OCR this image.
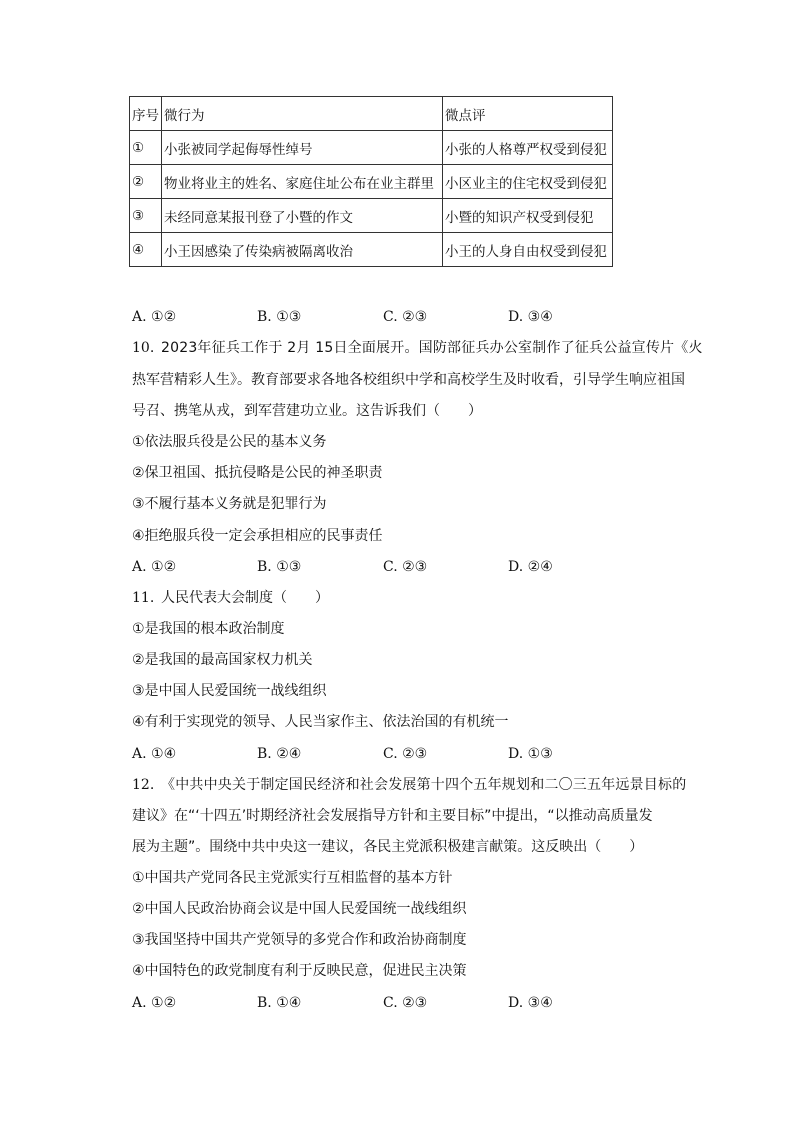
序号	微行为	微点评
①	小张被同学起侮辱性绰号	小张的人格尊严权受到侵犯
②	物业将业主的姓名、家庭住址公布在业主群里	小区业主的住宅权受到侵犯
③	未经同意某报刊登了小暨的作文	小暨的知识产权受到侵犯
④	小王因感染了传染病被隔离收治	小王的人身自由权受到侵犯
A. ①②	B. ①③	C. ②③	D. ③④
10. 2023年征兵工作于 2月 15日全面展开。国防部征兵办公室制作了征兵公益宣传片《火
热军营精彩人生》。教育部要求各地各校组织中学和高校学生及时收看，引导学生响应祖国
号召、携笔从戎，到军营建功立业。这告诉我们（　　）
①依法服兵役是公民的基本义务
②保卫祖国、抵抗侵略是公民的神圣职责
③不履行基本义务就是犯罪行为
④拒绝服兵役一定会承担相应的民事责任
A. ①②	B. ①③	C. ②③	D. ②④
11. 人民代表大会制度（　　）
①是我国的根本政治制度
②是我国的最高国家权力机关
③是中国人民爱国统一战线组织
④有利于实现党的领导、人民当家作主、依法治国的有机统一
A. ①④	B. ②④	C. ②③	D. ①③
12. 《中共中央关于制定国民经济和社会发展第十四个五年规划和二〇三五年远景目标的
建议》在“‘十四五’时期经济社会发展指导方针和主要目标”中提出，“以推动高质量发
展为主题”。围绕中共中央这一建议，各民主党派积极建言献策。这反映出（　　）
①中国共产党同各民主党派实行互相监督的基本方针
②中国人民政治协商会议是中国人民爱国统一战线组织
③我国坚持中国共产党领导的多党合作和政治协商制度
④中国特色的政党制度有利于反映民意，促进民主决策
A. ①②	B. ①④	C. ②③	D. ③④
